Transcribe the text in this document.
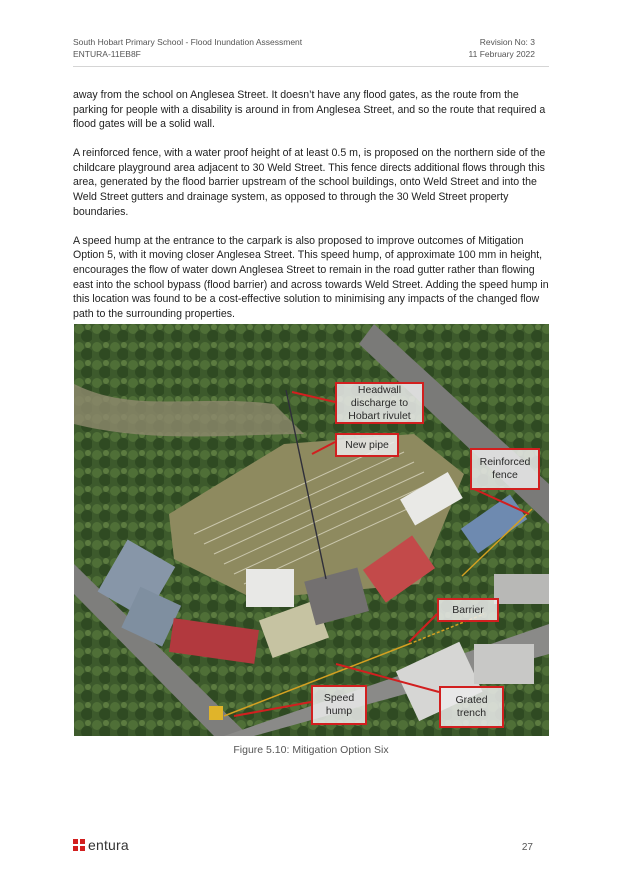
South Hobart Primary School - Flood Inundation Assessment
ENTURA-11EB8F
Revision No: 3
11 February 2022

away from the school on Anglesea Street. It doesn’t have any flood gates, as the route from the parking for people with a disability is around in from Anglesea Street, and so the route that required a flood gates will be a solid wall.

A reinforced fence, with a water proof height of at least 0.5 m, is proposed on the northern side of the childcare playground area adjacent to 30 Weld Street. This fence directs additional flows through this area, generated by the flood barrier upstream of the school buildings, onto Weld Street and into the Weld Street gutters and drainage system, as opposed to through the 30 Weld Street property boundaries.

A speed hump at the entrance to the carpark is also proposed to improve outcomes of Mitigation Option 5, with it moving closer Anglesea Street. This speed hump, of approximate 100 mm in height, encourages the flow of water down Anglesea Street to remain in the road gutter rather than flowing east into the school bypass (flood barrier) and across towards Weld Street. Adding the speed hump in this location was found to be a cost-effective solution to minimising any impacts of the changed flow path to the surrounding properties.

Headwall discharge to Hobart rivulet
New pipe
Reinforced fence
Barrier
Speed hump
Grated trench
Figure 5.10: Mitigation Option Six
entura	27
